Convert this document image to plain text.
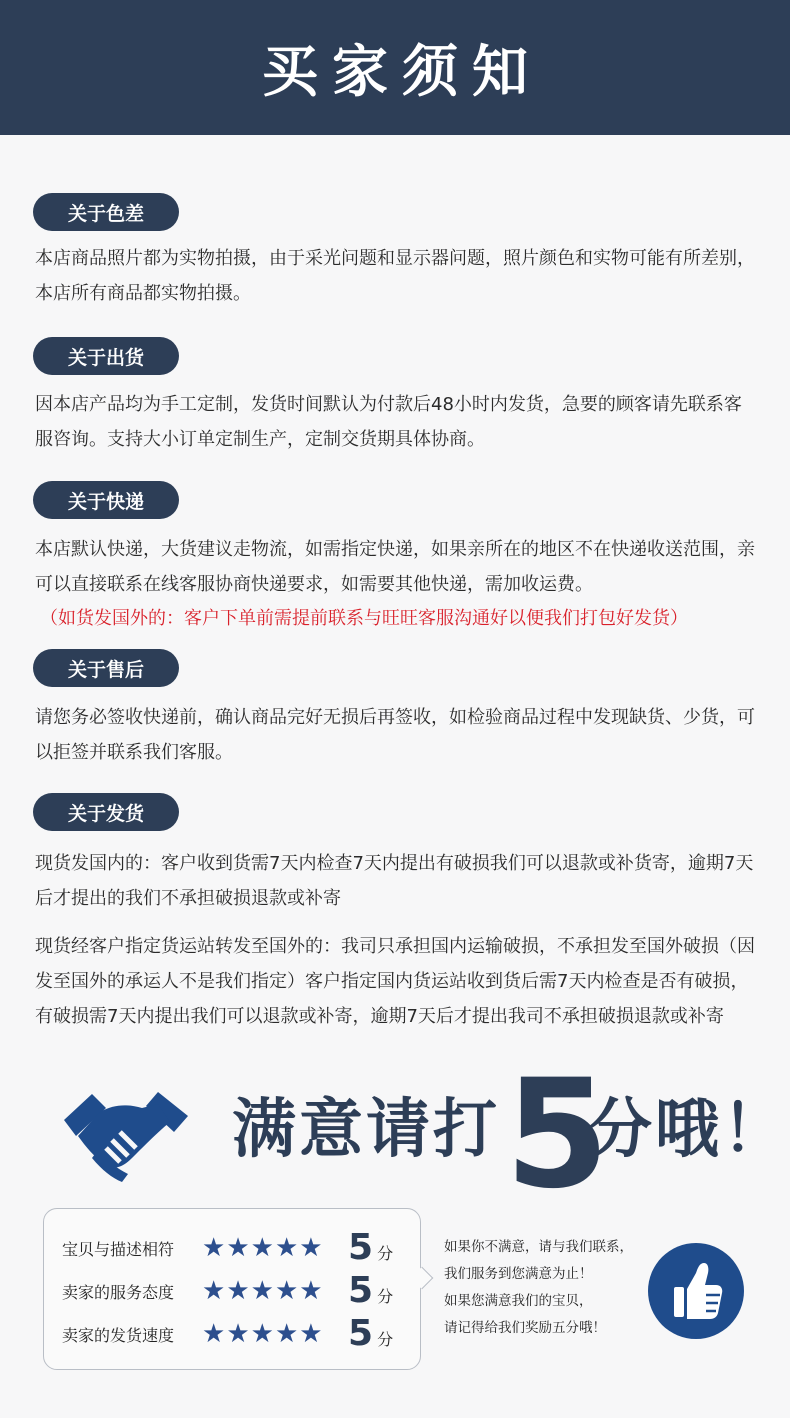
买家须知
关于色差
本店商品照片都为实物拍摄，由于采光问题和显示器问题，照片颜色和实物可能有所差别，本店所有商品都实物拍摄。
关于出货
因本店产品均为手工定制，发货时间默认为付款后48小时内发货，急要的顾客请先联系客服咨询。支持大小订单定制生产，定制交货期具体协商。
关于快递
本店默认快递，大货建议走物流，如需指定快递，如果亲所在的地区不在快递收送范围，亲可以直接联系在线客服协商快递要求，如需要其他快递，需加收运费。
（如货发国外的：客户下单前需提前联系与旺旺客服沟通好以便我们打包好发货）
关于售后
请您务必签收快递前，确认商品完好无损后再签收，如检验商品过程中发现缺货、少货，可以拒签并联系我们客服。
关于发货
现货发国内的：客户收到货需7天内检查7天内提出有破损我们可以退款或补货寄，逾期7天后才提出的我们不承担破损退款或补寄
现货经客户指定货运站转发至国外的：我司只承担国内运输破损，不承担发至国外破损（因发至国外的承运人不是我们指定）客户指定国内货运站收到货后需7天内检查是否有破损，有破损需7天内提出我们可以退款或补寄，逾期7天后才提出我司不承担破损退款或补寄
满意请打 5
分哦！
宝贝与描述相符	★ ★ ★ ★ ★ 5 分
卖家的服务态度	★ ★ ★ ★ ★ 5 分
卖家的发货速度	★ ★ ★ ★ ★ 5 分
如果你不满意，请与我们联系，
我们服务到您满意为止！
如果您满意我们的宝贝，
请记得给我们奖励五分哦！
